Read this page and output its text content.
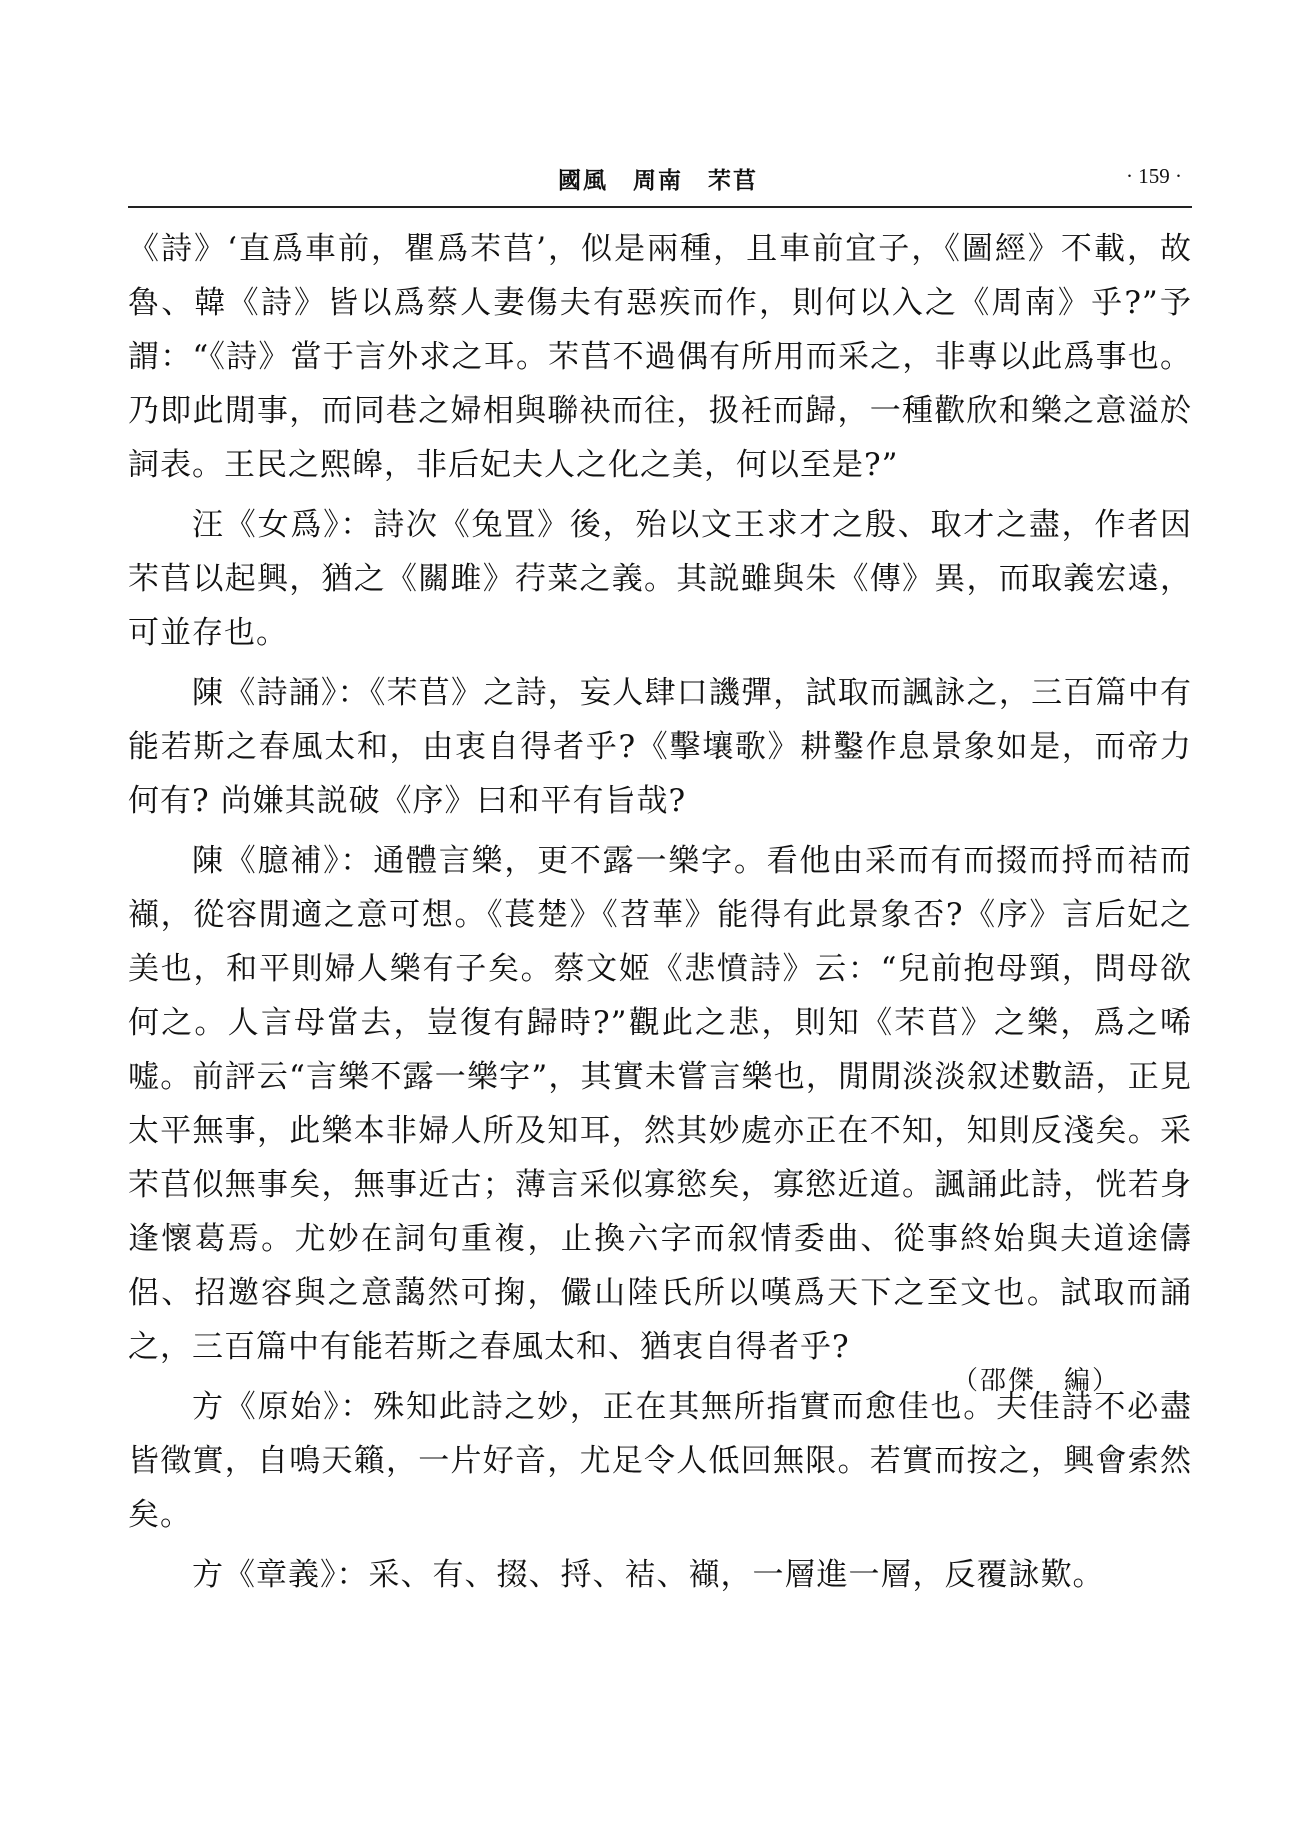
國風　周南　芣苢	· 159 ·

《詩》‘直爲車前，瞿爲芣苢’，似是兩種，且車前宜子，《圖經》不載，故魯、韓《詩》皆以爲蔡人妻傷夫有惡疾而作，則何以入之《周南》乎?”予謂：“《詩》當于言外求之耳。芣苢不過偶有所用而采之，非專以此爲事也。乃即此閒事，而同巷之婦相與聯袂而往，扱衽而歸，一種歡欣和樂之意溢於詞表。王民之熙皞，非后妃夫人之化之美，何以至是?”

汪《女爲》：詩次《兔罝》後，殆以文王求才之殷、取才之盡，作者因芣苢以起興，猶之《關雎》荇菜之義。其説雖與朱《傳》異，而取義宏遠，可並存也。

陳《詩誦》：《芣苢》之詩，妄人肆口譏彈，試取而諷詠之，三百篇中有能若斯之春風太和，由衷自得者乎?《擊壤歌》耕鑿作息景象如是，而帝力何有? 尚嫌其説破《序》曰和平有旨哉?

陳《臆補》：通體言樂，更不露一樂字。看他由采而有而掇而捋而袺而襭，從容閒適之意可想。《萇楚》《苕華》能得有此景象否?《序》言后妃之美也，和平則婦人樂有子矣。蔡文姬《悲憤詩》云：“兒前抱母頸，問母欲何之。人言母當去，豈復有歸時?”觀此之悲，則知《芣苢》之樂，爲之唏嘘。前評云“言樂不露一樂字”，其實未嘗言樂也，閒閒淡淡叙述數語，正見太平無事，此樂本非婦人所及知耳，然其妙處亦正在不知，知則反淺矣。采芣苢似無事矣，無事近古；薄言采似寡慾矣，寡慾近道。諷誦此詩，恍若身逢懷葛焉。尤妙在詞句重複，止換六字而叙情委曲、從事終始與夫道途儔侶、招邀容與之意藹然可掬，儼山陸氏所以嘆爲天下之至文也。試取而誦之，三百篇中有能若斯之春風太和、猶衷自得者乎?

方《原始》：殊知此詩之妙，正在其無所指實而愈佳也。夫佳詩不必盡皆徵實，自鳴天籟，一片好音，尤足令人低回無限。若實而按之，興會索然矣。

方《章義》：采、有、掇、捋、袺、襭，一層進一層，反覆詠歎。

（邵傑　編）
